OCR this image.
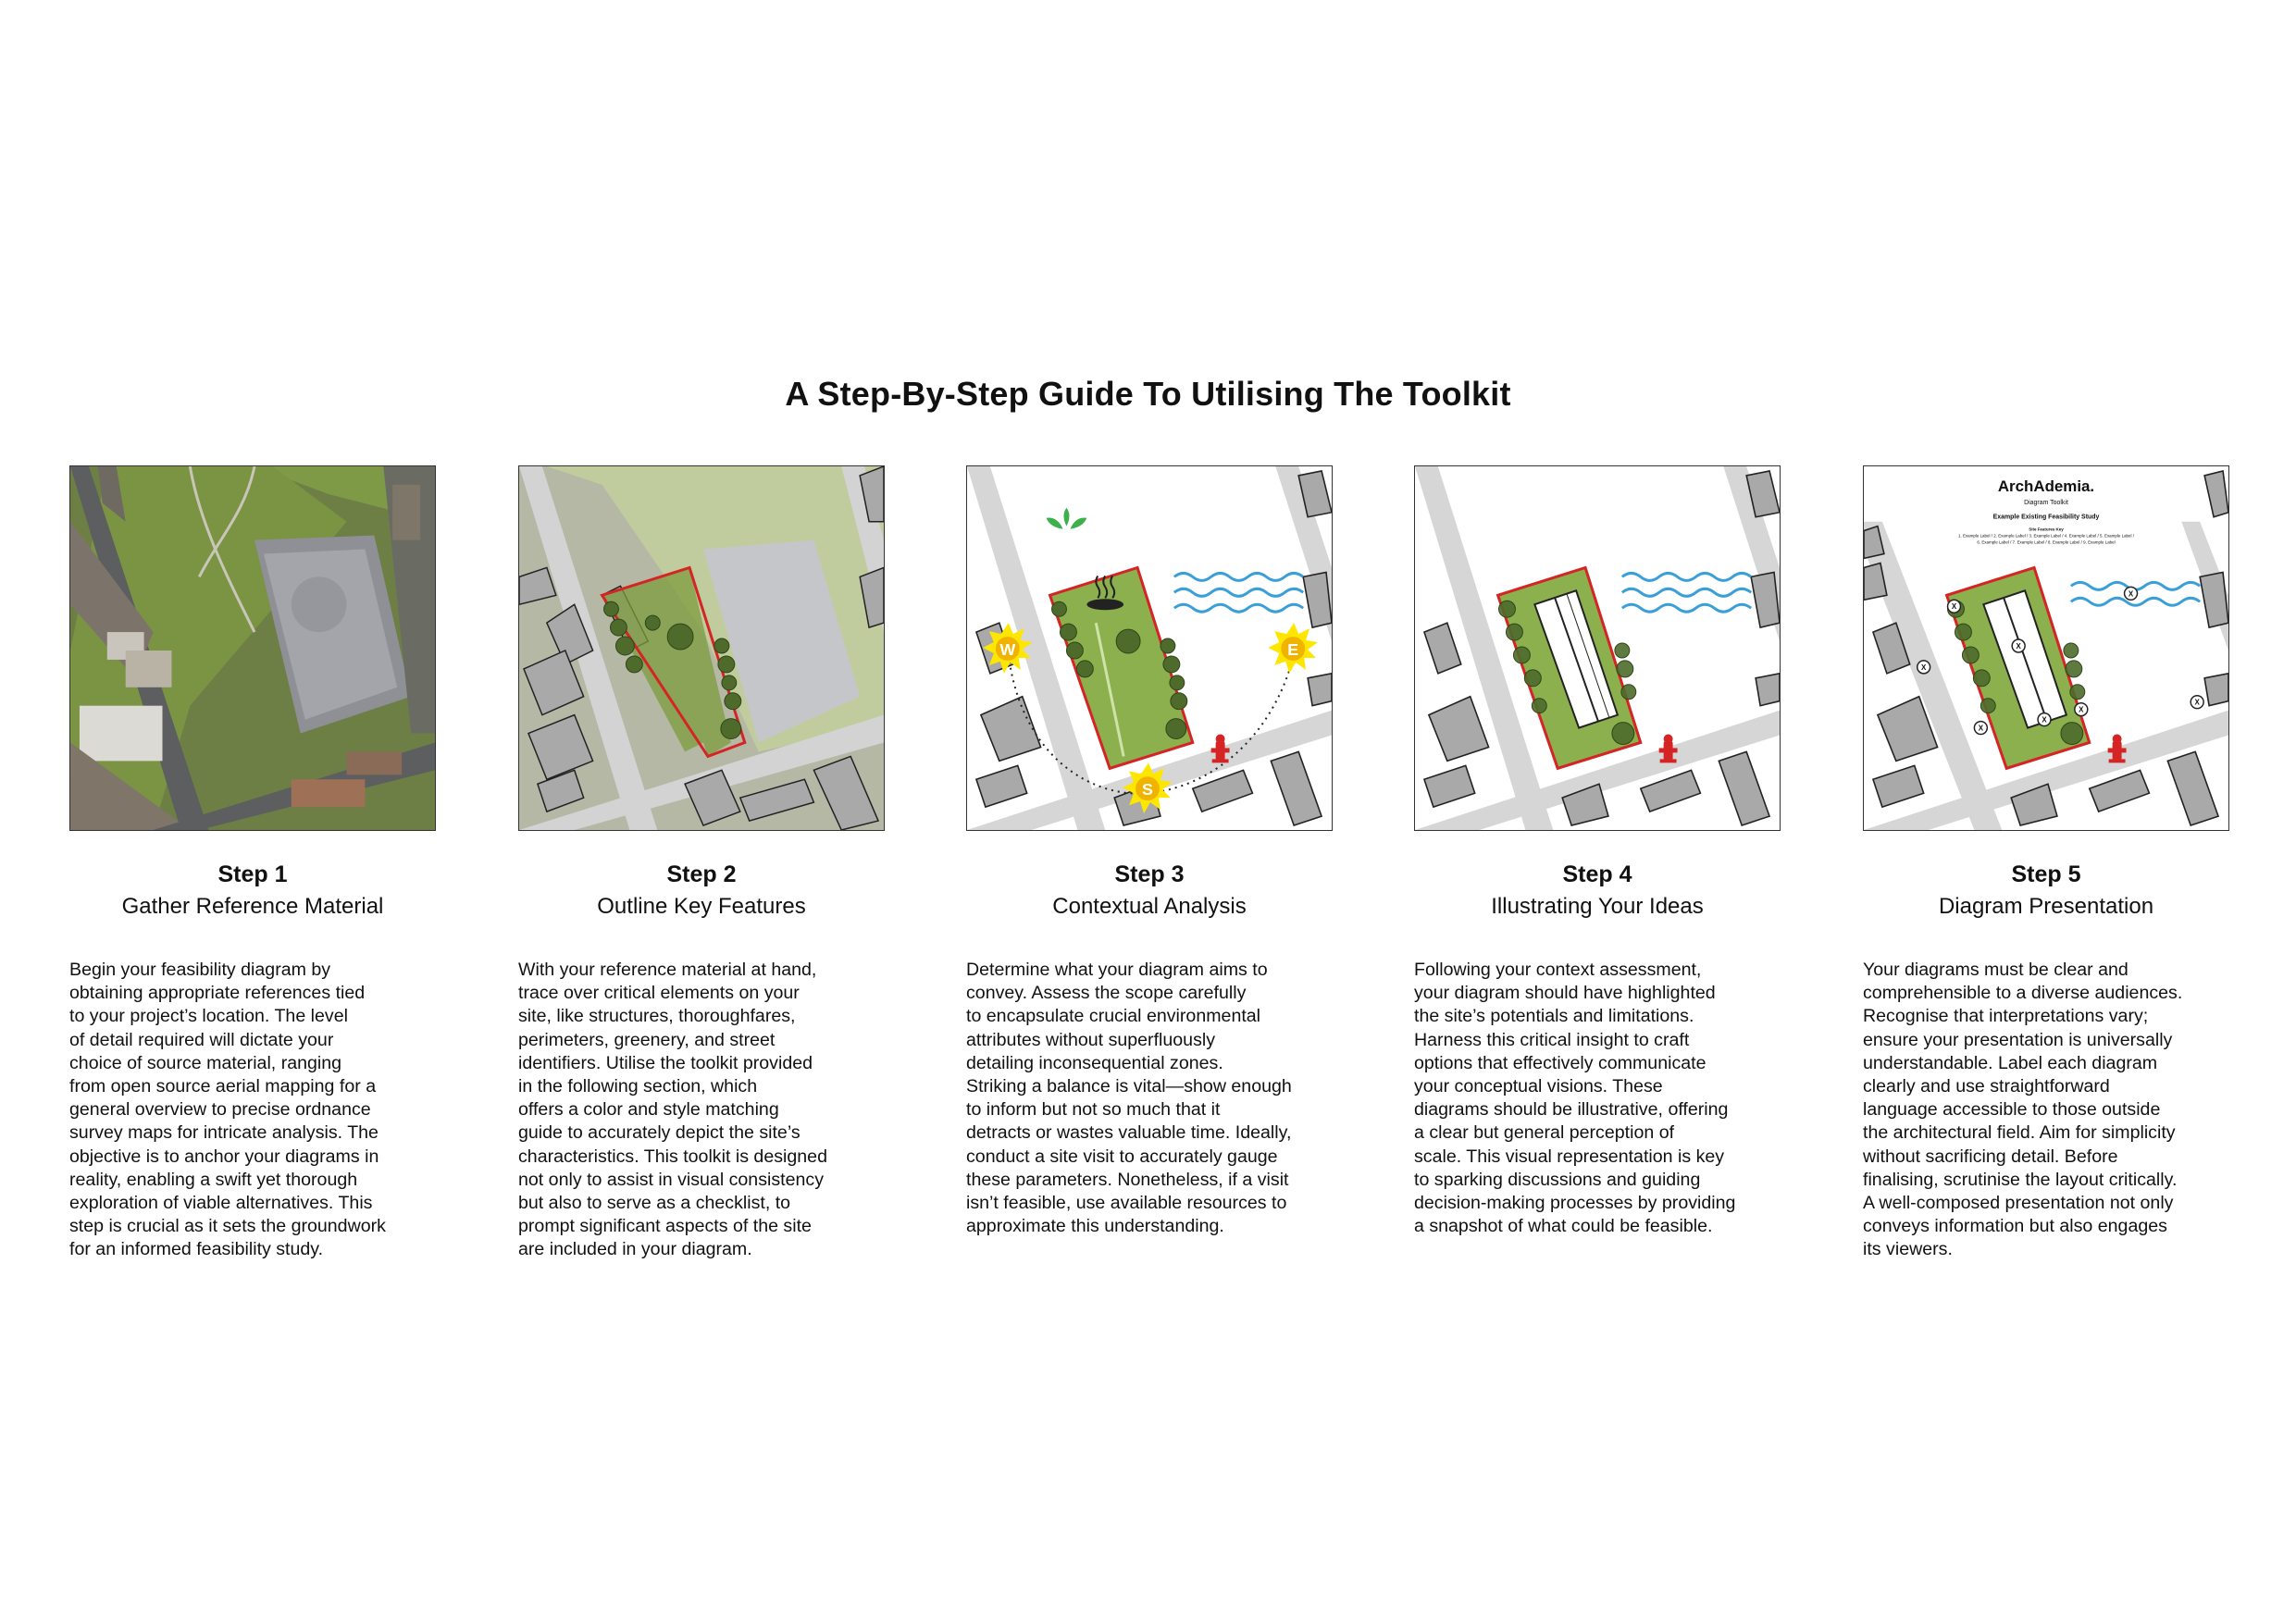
A Step-By-Step Guide To Utilising The Toolkit
Step 1
Gather Reference Material
Begin your feasibility diagram by
obtaining appropriate references tied
to your project’s location. The level
of detail required will dictate your
choice of source material, ranging
from open source aerial mapping for a
general overview to precise ordnance
survey maps for intricate analysis. The
objective is to anchor your diagrams in
reality, enabling a swift yet thorough
exploration of viable alternatives. This
step is crucial as it sets the groundwork
for an informed feasibility study.
Step 2
Outline Key Features
With your reference material at hand,
trace over critical elements on your
site, like structures, thoroughfares,
perimeters, greenery, and street
identifiers. Utilise the toolkit provided
in the following section, which
offers a color and style matching
guide to accurately depict the site’s
characteristics. This toolkit is designed
not only to assist in visual consistency
but also to serve as a checklist, to
prompt significant aspects of the site
are included in your diagram.
W	E
S
Step 3
Contextual Analysis
Determine what your diagram aims to
convey. Assess the scope carefully
to encapsulate crucial environmental
attributes without superfluously
detailing inconsequential zones.
Striking a balance is vital—show enough
to inform but not so much that it
detracts or wastes valuable time. Ideally,
conduct a site visit to accurately gauge
these parameters. Nonetheless, if a visit
isn’t feasible, use available resources to
approximate this understanding.
Step 4
Illustrating Your Ideas
Following your context assessment,
your diagram should have highlighted
the site’s potentials and limitations.
Harness this critical insight to craft
options that effectively communicate
your conceptual visions. These
diagrams should be illustrative, offering
a clear but general perception of
scale. This visual representation is key
to sparking discussions and guiding
decision-making processes by providing
a snapshot of what could be feasible.
ArchAdemia.
Diagram Toolkit
Example Existing Feasibility Study
Site Features Key
1. Example Label / 2. Example Label / 3. Example Label / 4. Example Label / 5. Example Label /
6. Example Label / 7. Example Label / 8. Example Label / 9. Example Label
X
X
X
X
X
X
X
X
Step 5
Diagram Presentation
Your diagrams must be clear and
comprehensible to a diverse audiences.
Recognise that interpretations vary;
ensure your presentation is universally
understandable. Label each diagram
clearly and use straightforward
language accessible to those outside
the architectural field. Aim for simplicity
without sacrificing detail. Before
finalising, scrutinise the layout critically.
A well-composed presentation not only
conveys information but also engages
its viewers.
